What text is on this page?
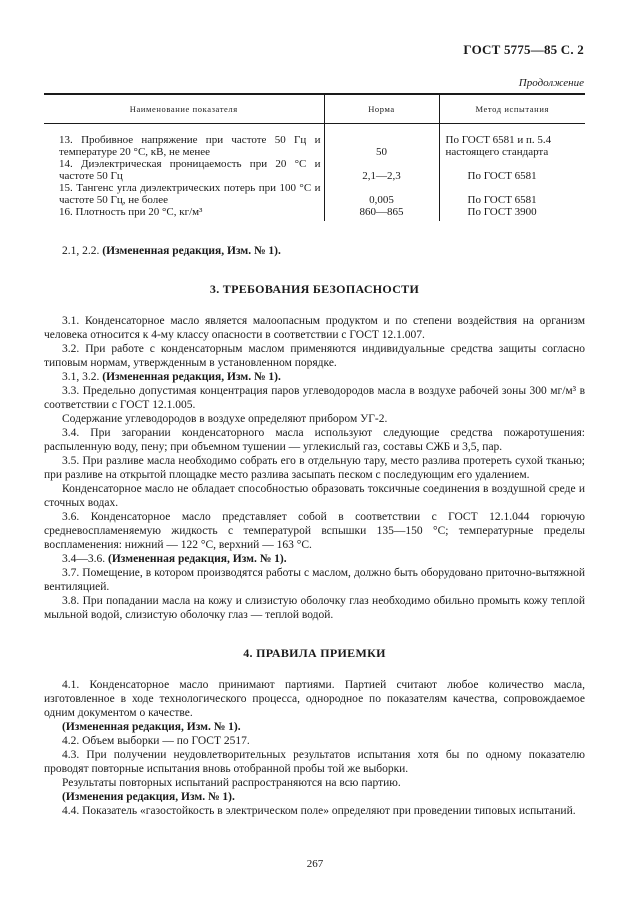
ГОСТ 5775—85 С. 2
Продолжение
Наименование показателя	Норма	Метод испытания

13. Пробивное напряжение при частоте 50 Гц и температуре 20 °С, кВ, не менее	50	По ГОСТ 6581 и п. 5.4 настоящего стандарта
14. Диэлектрическая проницаемость при 20 °С и частоте 50 Гц	2,1—2,3	По ГОСТ 6581

15. Тангенс угла диэлектрических потерь при 100 °С и частоте 50 Гц, не более	0,005	По ГОСТ 6581

16. Плотность при 20 °С, кг/м³	860—865	По ГОСТ 3900

2.1, 2.2. (Измененная редакция, Изм. № 1).

3. ТРЕБОВАНИЯ БЕЗОПАСНОСТИ

3.1. Конденсаторное масло является малоопасным продуктом и по степени воздействия на организм человека относится к 4-му классу опасности в соответствии с ГОСТ 12.1.007.

3.2. При работе с конденсаторным маслом применяются индивидуальные средства защиты согласно типовым нормам, утвержденным в установленном порядке.

3.1, 3.2. (Измененная редакция, Изм. № 1).

3.3. Предельно допустимая концентрация паров углеводородов масла в воздухе рабочей зоны 300 мг/м³ в соответствии с ГОСТ 12.1.005.

Содержание углеводородов в воздухе определяют прибором УГ-2.

3.4. При загорании конденсаторного масла используют следующие средства пожаротушения: распыленную воду, пену; при объемном тушении — углекислый газ, составы СЖБ и 3,5, пар.

3.5. При разливе масла необходимо собрать его в отдельную тару, место разлива протереть сухой тканью; при разливе на открытой площадке место разлива засыпать песком с последующим его удалением.

Конденсаторное масло не обладает способностью образовать токсичные соединения в воздушной среде и сточных водах.

3.6. Конденсаторное масло представляет собой в соответствии с ГОСТ 12.1.044 горючую средневоспламеняемую жидкость с температурой вспышки 135—150 °С; температурные пределы воспламенения: нижний — 122 °С, верхний — 163 °С.

3.4—3.6. (Измененная редакция, Изм. № 1).

3.7. Помещение, в котором производятся работы с маслом, должно быть оборудовано приточно-вытяжной вентиляцией.

3.8. При попадании масла на кожу и слизистую оболочку глаз необходимо обильно промыть кожу теплой мыльной водой, слизистую оболочку глаз — теплой водой.

4. ПРАВИЛА ПРИЕМКИ

4.1. Конденсаторное масло принимают партиями. Партией считают любое количество масла, изготовленное в ходе технологического процесса, однородное по показателям качества, сопровождаемое одним документом о качестве.

(Измененная редакция, Изм. № 1).

4.2. Объем выборки — по ГОСТ 2517.

4.3. При получении неудовлетворительных результатов испытания хотя бы по одному показателю проводят повторные испытания вновь отобранной пробы той же выборки.

Результаты повторных испытаний распространяются на всю партию.

(Изменения редакция, Изм. № 1).

4.4. Показатель «газостойкость в электрическом поле» определяют при проведении типовых испытаний.

267
